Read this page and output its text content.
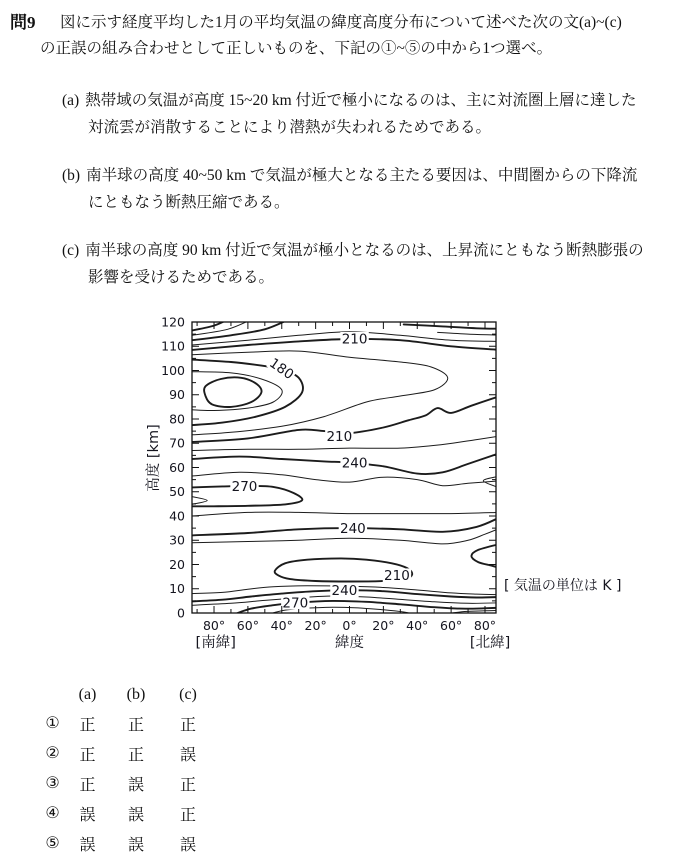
問9 図に示す経度平均した1月の平均気温の緯度高度分布について述べた次の文(a)~(c)
の正誤の組み合わせとして正しいものを、下記の①~⑤の中から1つ選べ。
(a) 熱帯域の気温が高度 15~20 km 付近で極小になるのは、主に対流圏上層に達した
対流雲が消散することにより潜熱が失われるためである。
(b) 南半球の高度 40~50 km で気温が極大となる主たる要因は、中間圏からの下降流
にともなう断熱圧縮である。
(c) 南半球の高度 90 km 付近で気温が極小となるのは、上昇流にともなう断熱膨張の
影響を受けるためである。
210
180
210
240
270
240
210
240
270
0
10
20
30
40
50
60
70
80
90
100
110
120
80° 60° 40° 20° 0° 20° 40° 60° 80°
[南緯]	緯度	[北緯]
高度 [km]
[ 気温の単位は K ]
(a)	(b)	(c)
①	正	正	正
②	正	正	誤
③	正	誤	正
④	誤	誤	正
⑤	誤	誤	誤
